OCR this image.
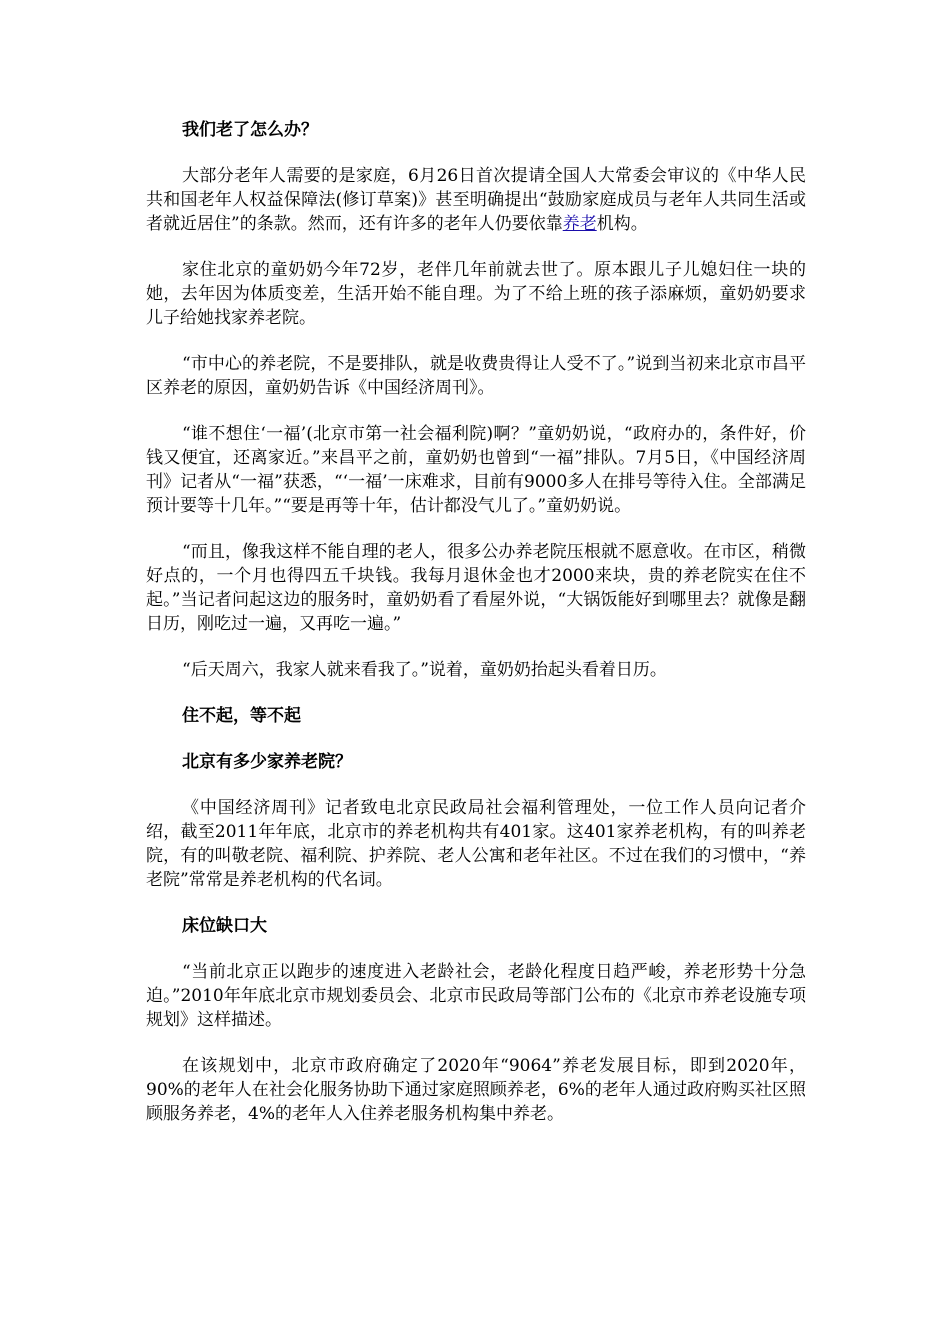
我们老了怎么办？

大部分老年人需要的是家庭，6月26日首次提请全国人大常委会审议的《中华人民共和国老年人权益保障法(修订草案)》甚至明确提出“鼓励家庭成员与老年人共同生活或者就近居住”的条款。然而，还有许多的老年人仍要依靠养老机构。

家住北京的童奶奶今年72岁，老伴几年前就去世了。原本跟儿子儿媳妇住一块的她，去年因为体质变差，生活开始不能自理。为了不给上班的孩子添麻烦，童奶奶要求儿子给她找家养老院。

“市中心的养老院，不是要排队，就是收费贵得让人受不了。”说到当初来北京市昌平区养老的原因，童奶奶告诉《中国经济周刊》。

“谁不想住‘一福’(北京市第一社会福利院)啊？”童奶奶说，“政府办的，条件好，价钱又便宜，还离家近。”来昌平之前，童奶奶也曾到“一福”排队。7月5日，《中国经济周刊》记者从“一福”获悉，“‘一福’一床难求，目前有9000多人在排号等待入住。全部满足预计要等十几年。”“要是再等十年，估计都没气儿了。”童奶奶说。

“而且，像我这样不能自理的老人，很多公办养老院压根就不愿意收。在市区，稍微好点的，一个月也得四五千块钱。我每月退休金也才2000来块，贵的养老院实在住不起。”当记者问起这边的服务时，童奶奶看了看屋外说，“大锅饭能好到哪里去？就像是翻日历，刚吃过一遍，又再吃一遍。”

“后天周六，我家人就来看我了。”说着，童奶奶抬起头看着日历。

住不起，等不起
北京有多少家养老院？

《中国经济周刊》记者致电北京民政局社会福利管理处，一位工作人员向记者介绍，截至2011年年底，北京市的养老机构共有401家。这401家养老机构，有的叫养老院，有的叫敬老院、福利院、护养院、老人公寓和老年社区。不过在我们的习惯中，“养老院”常常是养老机构的代名词。

床位缺口大

“当前北京正以跑步的速度进入老龄社会，老龄化程度日趋严峻，养老形势十分急迫。”2010年年底北京市规划委员会、北京市民政局等部门公布的《北京市养老设施专项规划》这样描述。

在该规划中，北京市政府确定了2020年“9064”养老发展目标，即到2020年，90%的老年人在社会化服务协助下通过家庭照顾养老，6%的老年人通过政府购买社区照顾服务养老，4%的老年人入住养老服务机构集中养老。
